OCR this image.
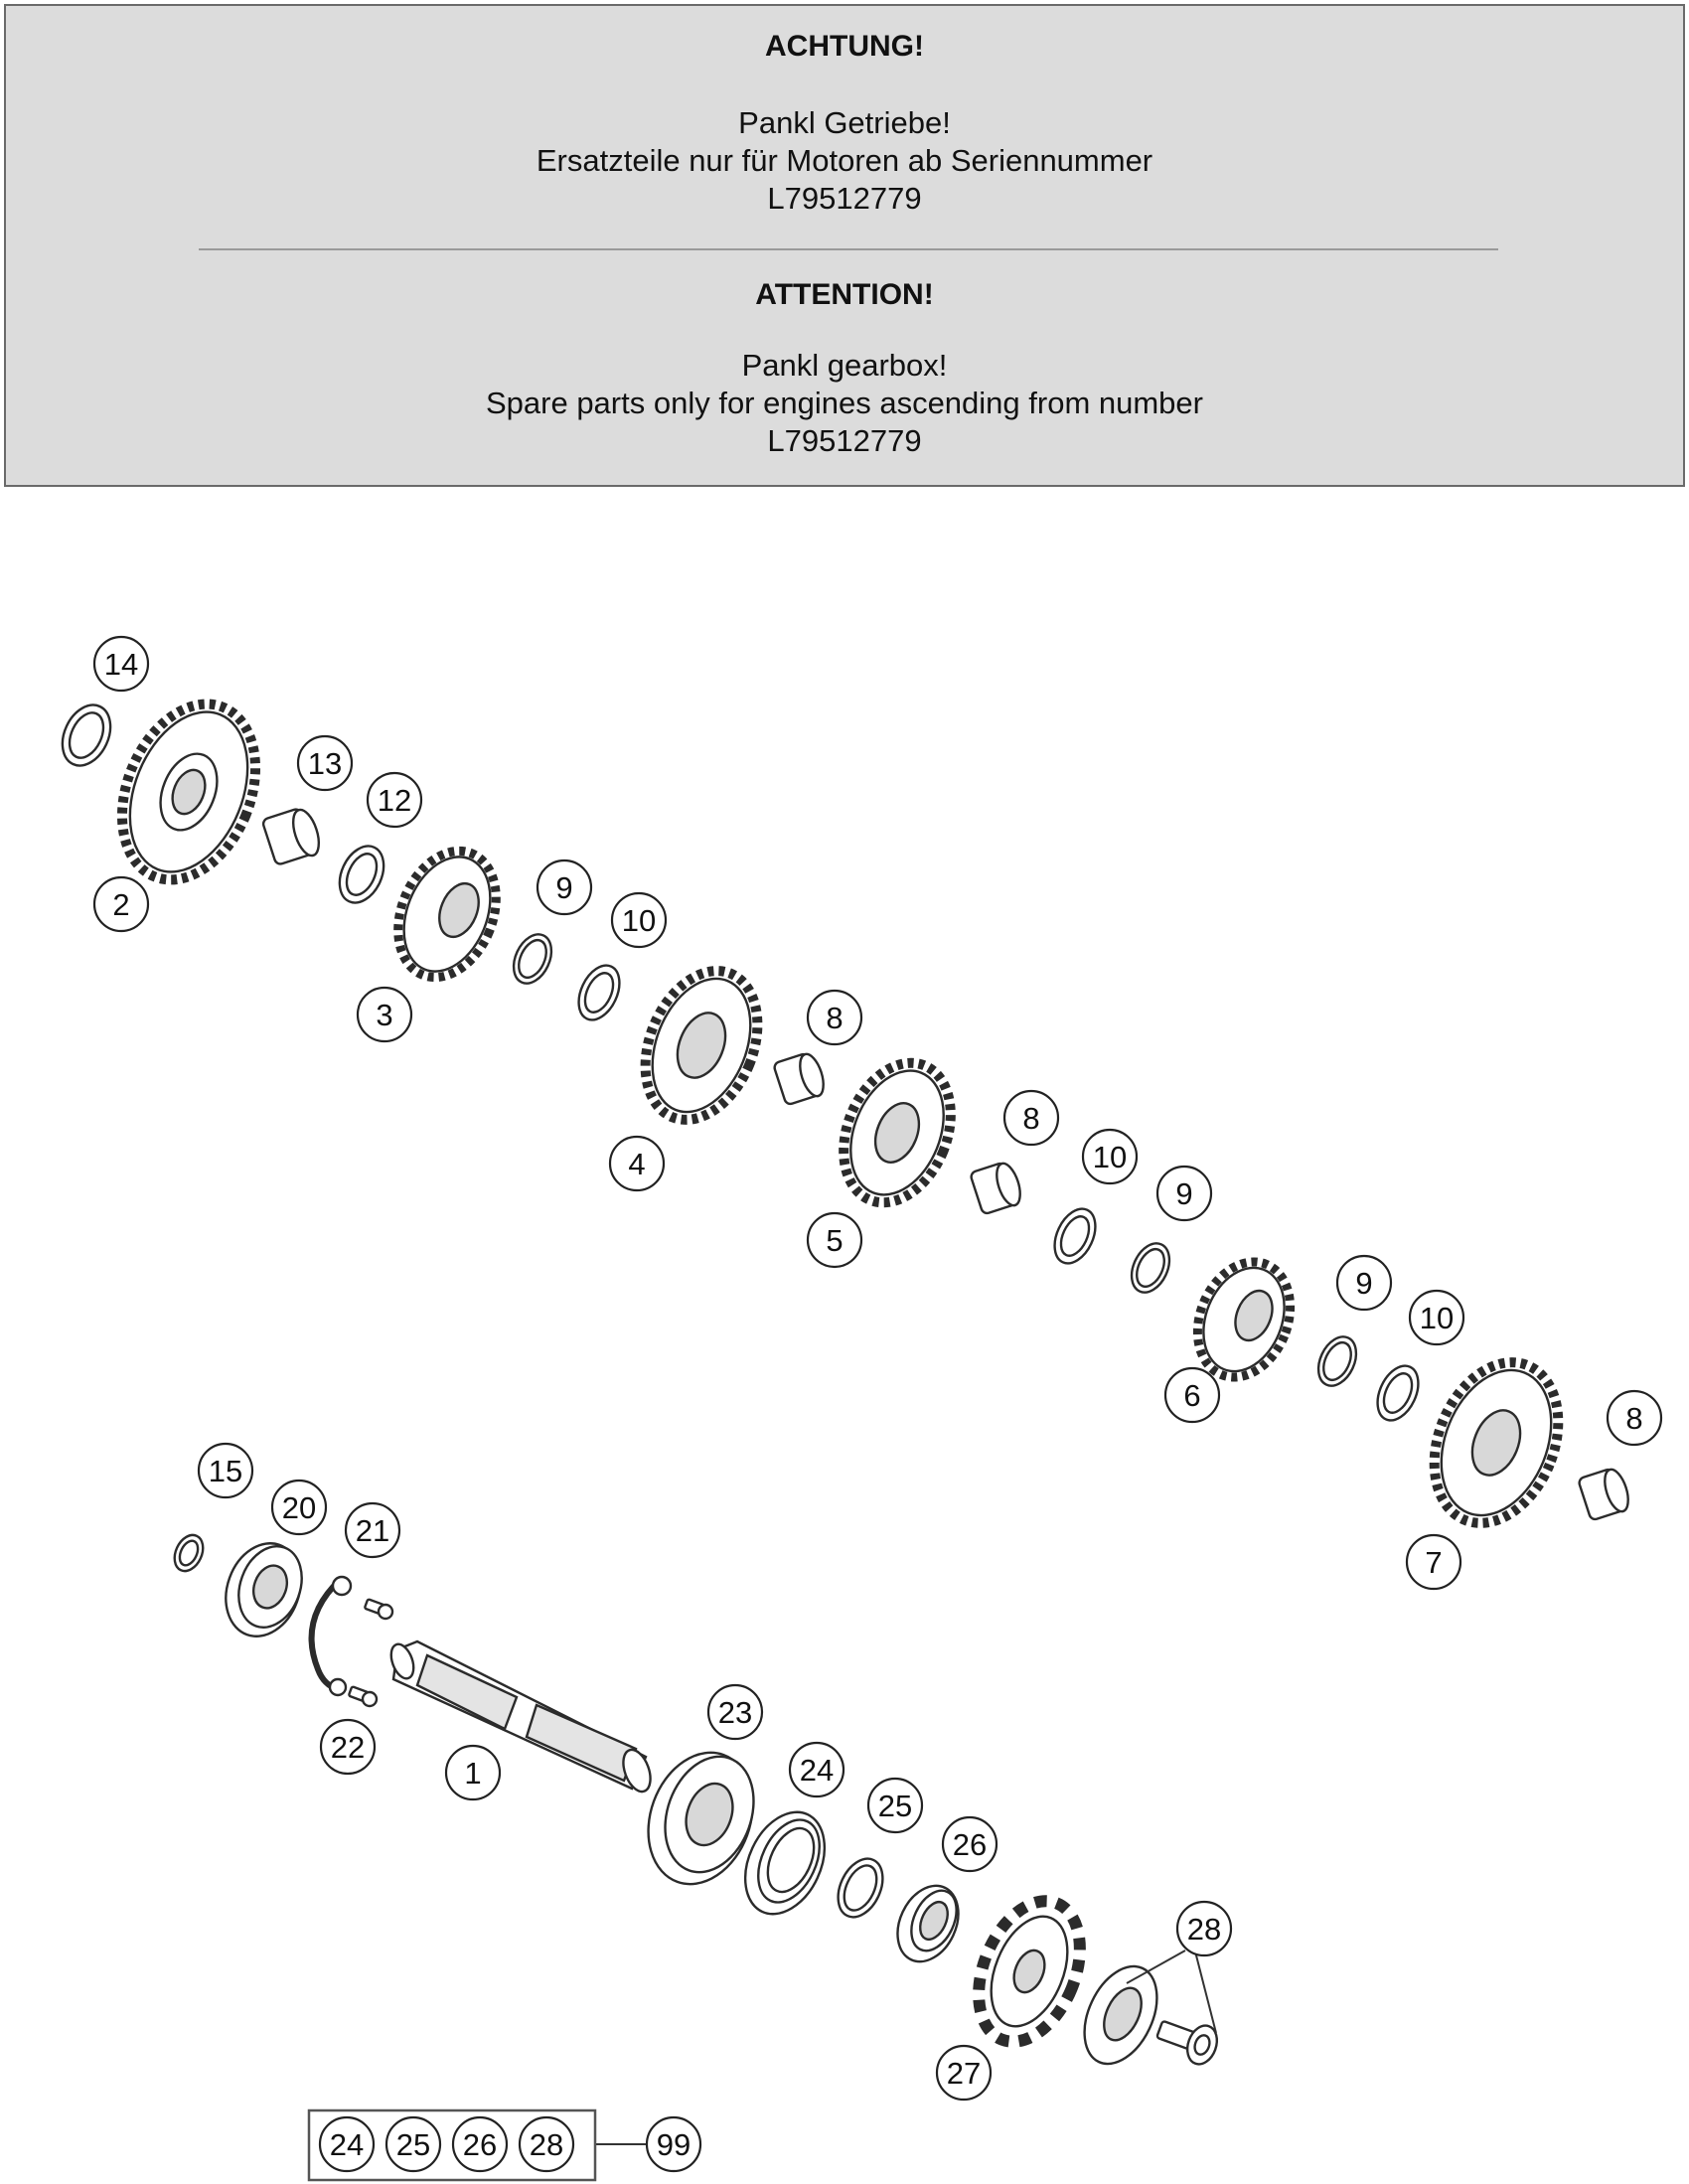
ACHTUNG!
Pankl Getriebe!
Ersatzteile nur für Motoren ab Seriennummer
L79512779
ATTENTION!
Pankl gearbox!
Spare parts only for engines ascending from number
L79512779
14
13
12
2	9
10
3	8
4
8
10
9
5
9
10
6
8
7
15
20
21
22
1
23
24
25
26
28
27
24 25 26 28	99
